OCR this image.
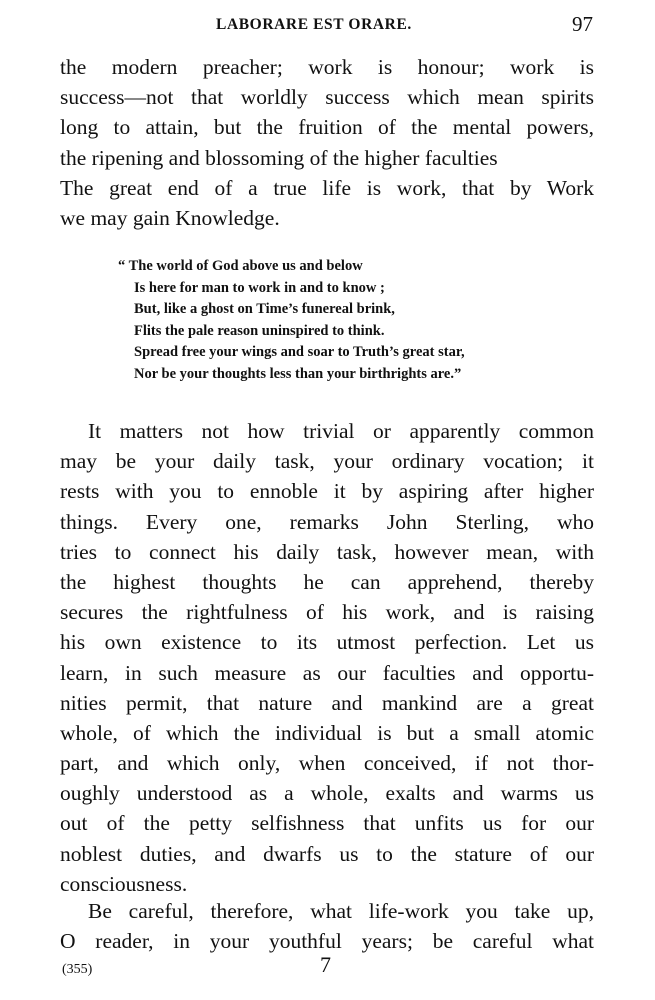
LABORARE EST ORARE.	97
the modern preacher; work is honour; work is
success—not that worldly success which mean spirits
long to attain, but the fruition of the mental powers,
the ripening and blossoming of the higher faculties
The great end of a true life is work, that by Work
we may gain Knowledge.
“ The world of God above us and below
Is here for man to work in and to know ;
But, like a ghost on Time’s funereal brink,
Flits the pale reason uninspired to think.
Spread free your wings and soar to Truth’s great star,
Nor be your thoughts less than your birthrights are.”
It matters not how trivial or apparently common
may be your daily task, your ordinary vocation; it
rests with you to ennoble it by aspiring after higher
things. Every one, remarks John Sterling, who
tries to connect his daily task, however mean, with
the highest thoughts he can apprehend, thereby
secures the rightfulness of his work, and is raising
his own existence to its utmost perfection. Let us
learn, in such measure as our faculties and opportu-
nities permit, that nature and mankind are a great
whole, of which the individual is but a small atomic
part, and which only, when conceived, if not thor-
oughly understood as a whole, exalts and warms us
out of the petty selfishness that unfits us for our
noblest duties, and dwarfs us to the stature of our
consciousness.
Be careful, therefore, what life-work you take up,
O reader, in your youthful years; be careful what
(355)	7
